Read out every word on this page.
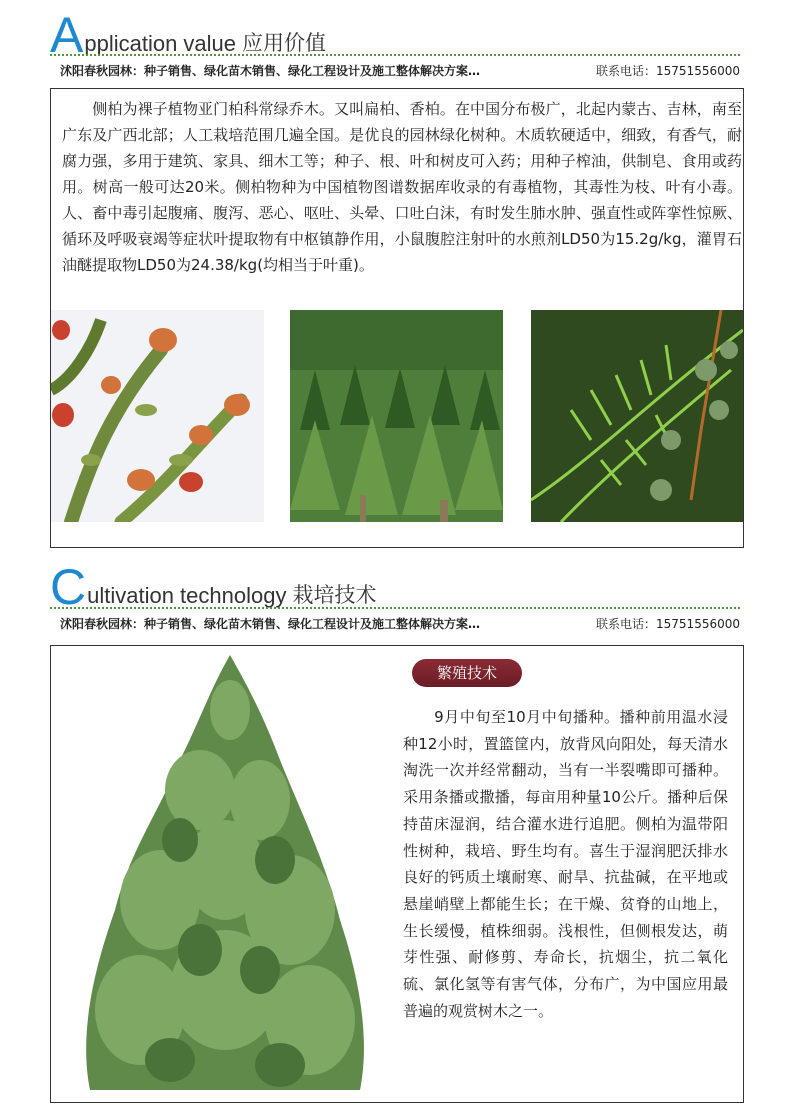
Application value 应用价值
沭阳春秋园林：种子销售、绿化苗木销售、绿化工程设计及施工整体解决方案…	联系电话：15751556000
　　侧柏为裸子植物亚门柏科常绿乔木。又叫扁柏、香柏。在中国分布极广，北起内蒙古、吉林，南至广东及广西北部；人工栽培范围几遍全国。是优良的园林绿化树种。木质软硬适中，细致，有香气，耐腐力强，多用于建筑、家具、细木工等；种子、根、叶和树皮可入药；用种子榨油，供制皂、食用或药用。树高一般可达20米。侧柏物种为中国植物图谱数据库收录的有毒植物，其毒性为枝、叶有小毒。人、畜中毒引起腹痛、腹泻、恶心、呕吐、头晕、口吐白沫，有时发生肺水肿、强直性或阵挛性惊厥、循环及呼吸衰竭等症状叶提取物有中枢镇静作用，小鼠腹腔注射叶的水煎剂LD50为15.2g/kg，灌胃石油醚提取物LD50为24.38/kg(均相当于叶重)。
Cultivation technology 栽培技术
沭阳春秋园林：种子销售、绿化苗木销售、绿化工程设计及施工整体解决方案…	联系电话：15751556000
繁殖技术
　　9月中旬至10月中旬播种。播种前用温水浸种12小时，置篮筐内，放背风向阳处，每天清水淘洗一次并经常翻动，当有一半裂嘴即可播种。采用条播或撒播，每亩用种量10公斤。播种后保持苗床湿润，结合灌水进行追肥。侧柏为温带阳性树种，栽培、野生均有。喜生于湿润肥沃排水良好的钙质土壤耐寒、耐旱、抗盐碱，在平地或悬崖峭壁上都能生长；在干燥、贫脊的山地上，生长缓慢，植株细弱。浅根性，但侧根发达，萌芽性强、耐修剪、寿命长，抗烟尘，抗二氧化硫、氯化氢等有害气体，分布广，为中国应用最普遍的观赏树木之一。
